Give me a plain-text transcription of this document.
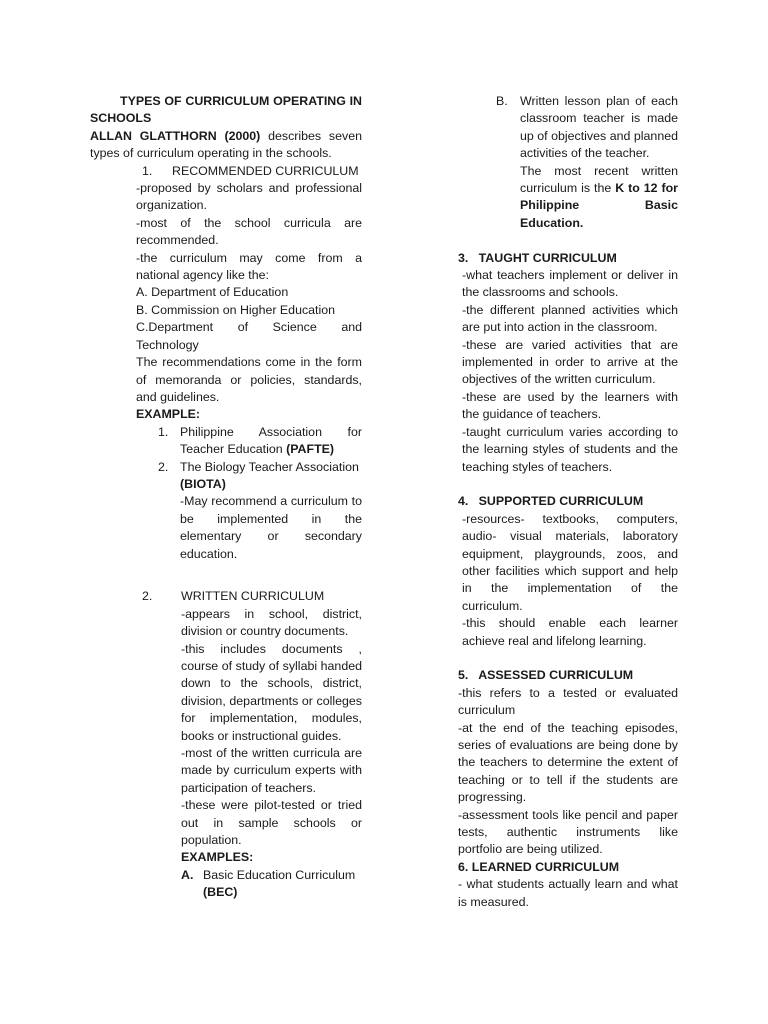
TYPES OF CURRICULUM OPERATING IN SCHOOLS

ALLAN GLATTHORN (2000) describes seven types of curriculum operating in the schools.

1.	RECOMMENDED CURRICULUM

-proposed by scholars and professional organization.

-most of the school curricula are recommended.

-the curriculum may come from a national agency like the:

A. Department of Education

B. Commission on Higher Education

C.Department of Science and Technology

The recommendations come in the form of memoranda or policies, standards, and guidelines.

EXAMPLE:

1. Philippine Association for Teacher Education (PAFTE)
2. The Biology Teacher Association
(BIOTA)

-May recommend a curriculum to be implemented in the elementary or secondary education.

2.	WRITTEN CURRICULUM

-appears in school, district, division or country documents.

-this includes documents , course of study of syllabi handed down to the schools, district, division, departments or colleges for implementation, modules, books or instructional guides.

-most of the written curricula are made by curriculum experts with participation of teachers.

-these were pilot-tested or tried out in sample schools or population.

EXAMPLES:

A. Basic Education Curriculum
(BEC)
B. Written lesson plan of each classroom teacher is made up of objectives and planned activities of the teacher.
The most recent written curriculum is the K to 12 for Philippine Basic Education.

3.   TAUGHT CURRICULUM

-what teachers implement or deliver in the classrooms and schools.

-the different planned activities which are put into action in the classroom.

-these are varied activities that are implemented in order to arrive at the objectives of the written curriculum.

-these are used by the learners with the guidance of teachers.

-taught curriculum varies according to the learning styles of students and the teaching styles of teachers.

4.   SUPPORTED CURRICULUM

-resources- textbooks, computers, audio- visual materials, laboratory equipment, playgrounds, zoos, and other facilities which support and help in the implementation of the curriculum.

-this should enable each learner achieve real and lifelong learning.

5.   ASSESSED CURRICULUM

-this refers to a tested or evaluated curriculum

-at the end of the teaching episodes, series of evaluations are being done by the teachers to determine the extent of teaching or to tell if the students are progressing.

-assessment tools like pencil and paper tests, authentic instruments like portfolio are being utilized.

6. LEARNED CURRICULUM

- what students actually learn and what is measured.
